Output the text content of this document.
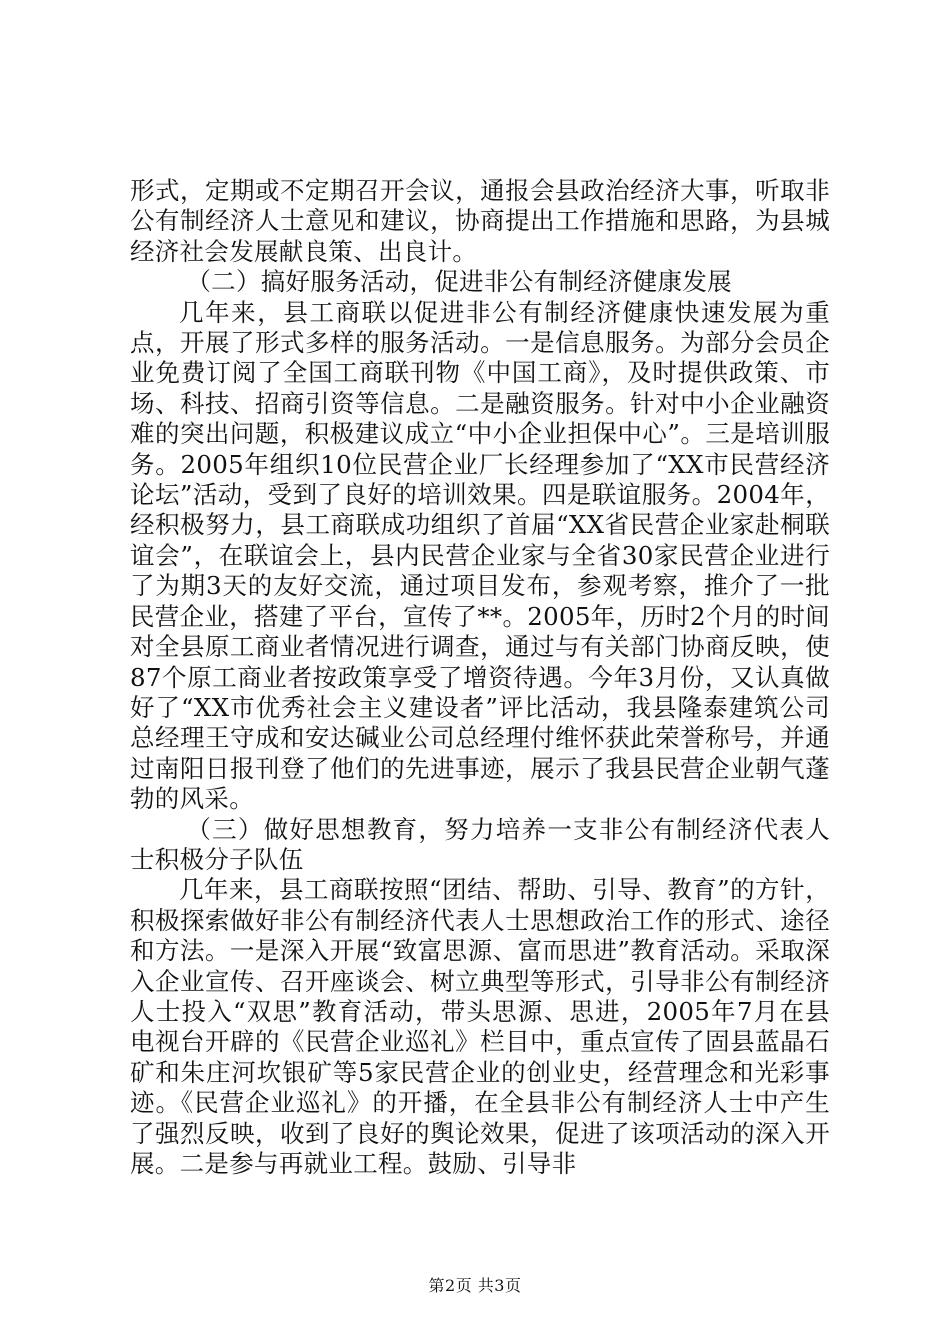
形式，定期或不定期召开会议，通报会县政治经济大事，听取非公有制经济人士意见和建议，协商提出工作措施和思路，为县城经济社会发展献良策、出良计。

（二）搞好服务活动，促进非公有制经济健康发展

几年来，县工商联以促进非公有制经济健康快速发展为重点，开展了形式多样的服务活动。一是信息服务。为部分会员企业免费订阅了全国工商联刊物《中国工商》，及时提供政策、市场、科技、招商引资等信息。二是融资服务。针对中小企业融资难的突出问题，积极建议成立“中小企业担保中心”。三是培训服务。2005年组织10位民营企业厂长经理参加了“XX市民营经济论坛”活动，受到了良好的培训效果。四是联谊服务。2004年，经积极努力，县工商联成功组织了首届“XX省民营企业家赴桐联谊会”，在联谊会上，县内民营企业家与全省30家民营企业进行了为期3天的友好交流，通过项目发布，参观考察，推介了一批民营企业，搭建了平台，宣传了**。2005年，历时2个月的时间对全县原工商业者情况进行调查，通过与有关部门协商反映，使87个原工商业者按政策享受了增资待遇。今年3月份，又认真做好了“XX市优秀社会主义建设者”评比活动，我县隆泰建筑公司总经理王守成和安达碱业公司总经理付维怀获此荣誉称号，并通过南阳日报刊登了他们的先进事迹，展示了我县民营企业朝气蓬勃的风采。

（三）做好思想教育，努力培养一支非公有制经济代表人士积极分子队伍

几年来，县工商联按照“团结、帮助、引导、教育”的方针，积极探索做好非公有制经济代表人士思想政治工作的形式、途径和方法。一是深入开展“致富思源、富而思进”教育活动。采取深入企业宣传、召开座谈会、树立典型等形式，引导非公有制经济人士投入“双思”教育活动，带头思源、思进，2005年7月在县电视台开辟的《民营企业巡礼》栏目中，重点宣传了固县蓝晶石矿和朱庄河坎银矿等5家民营企业的创业史，经营理念和光彩事迹。《民营企业巡礼》的开播，在全县非公有制经济人士中产生了强烈反映，收到了良好的舆论效果，促进了该项活动的深入开展。二是参与再就业工程。鼓励、引导非

第2页 共3页
